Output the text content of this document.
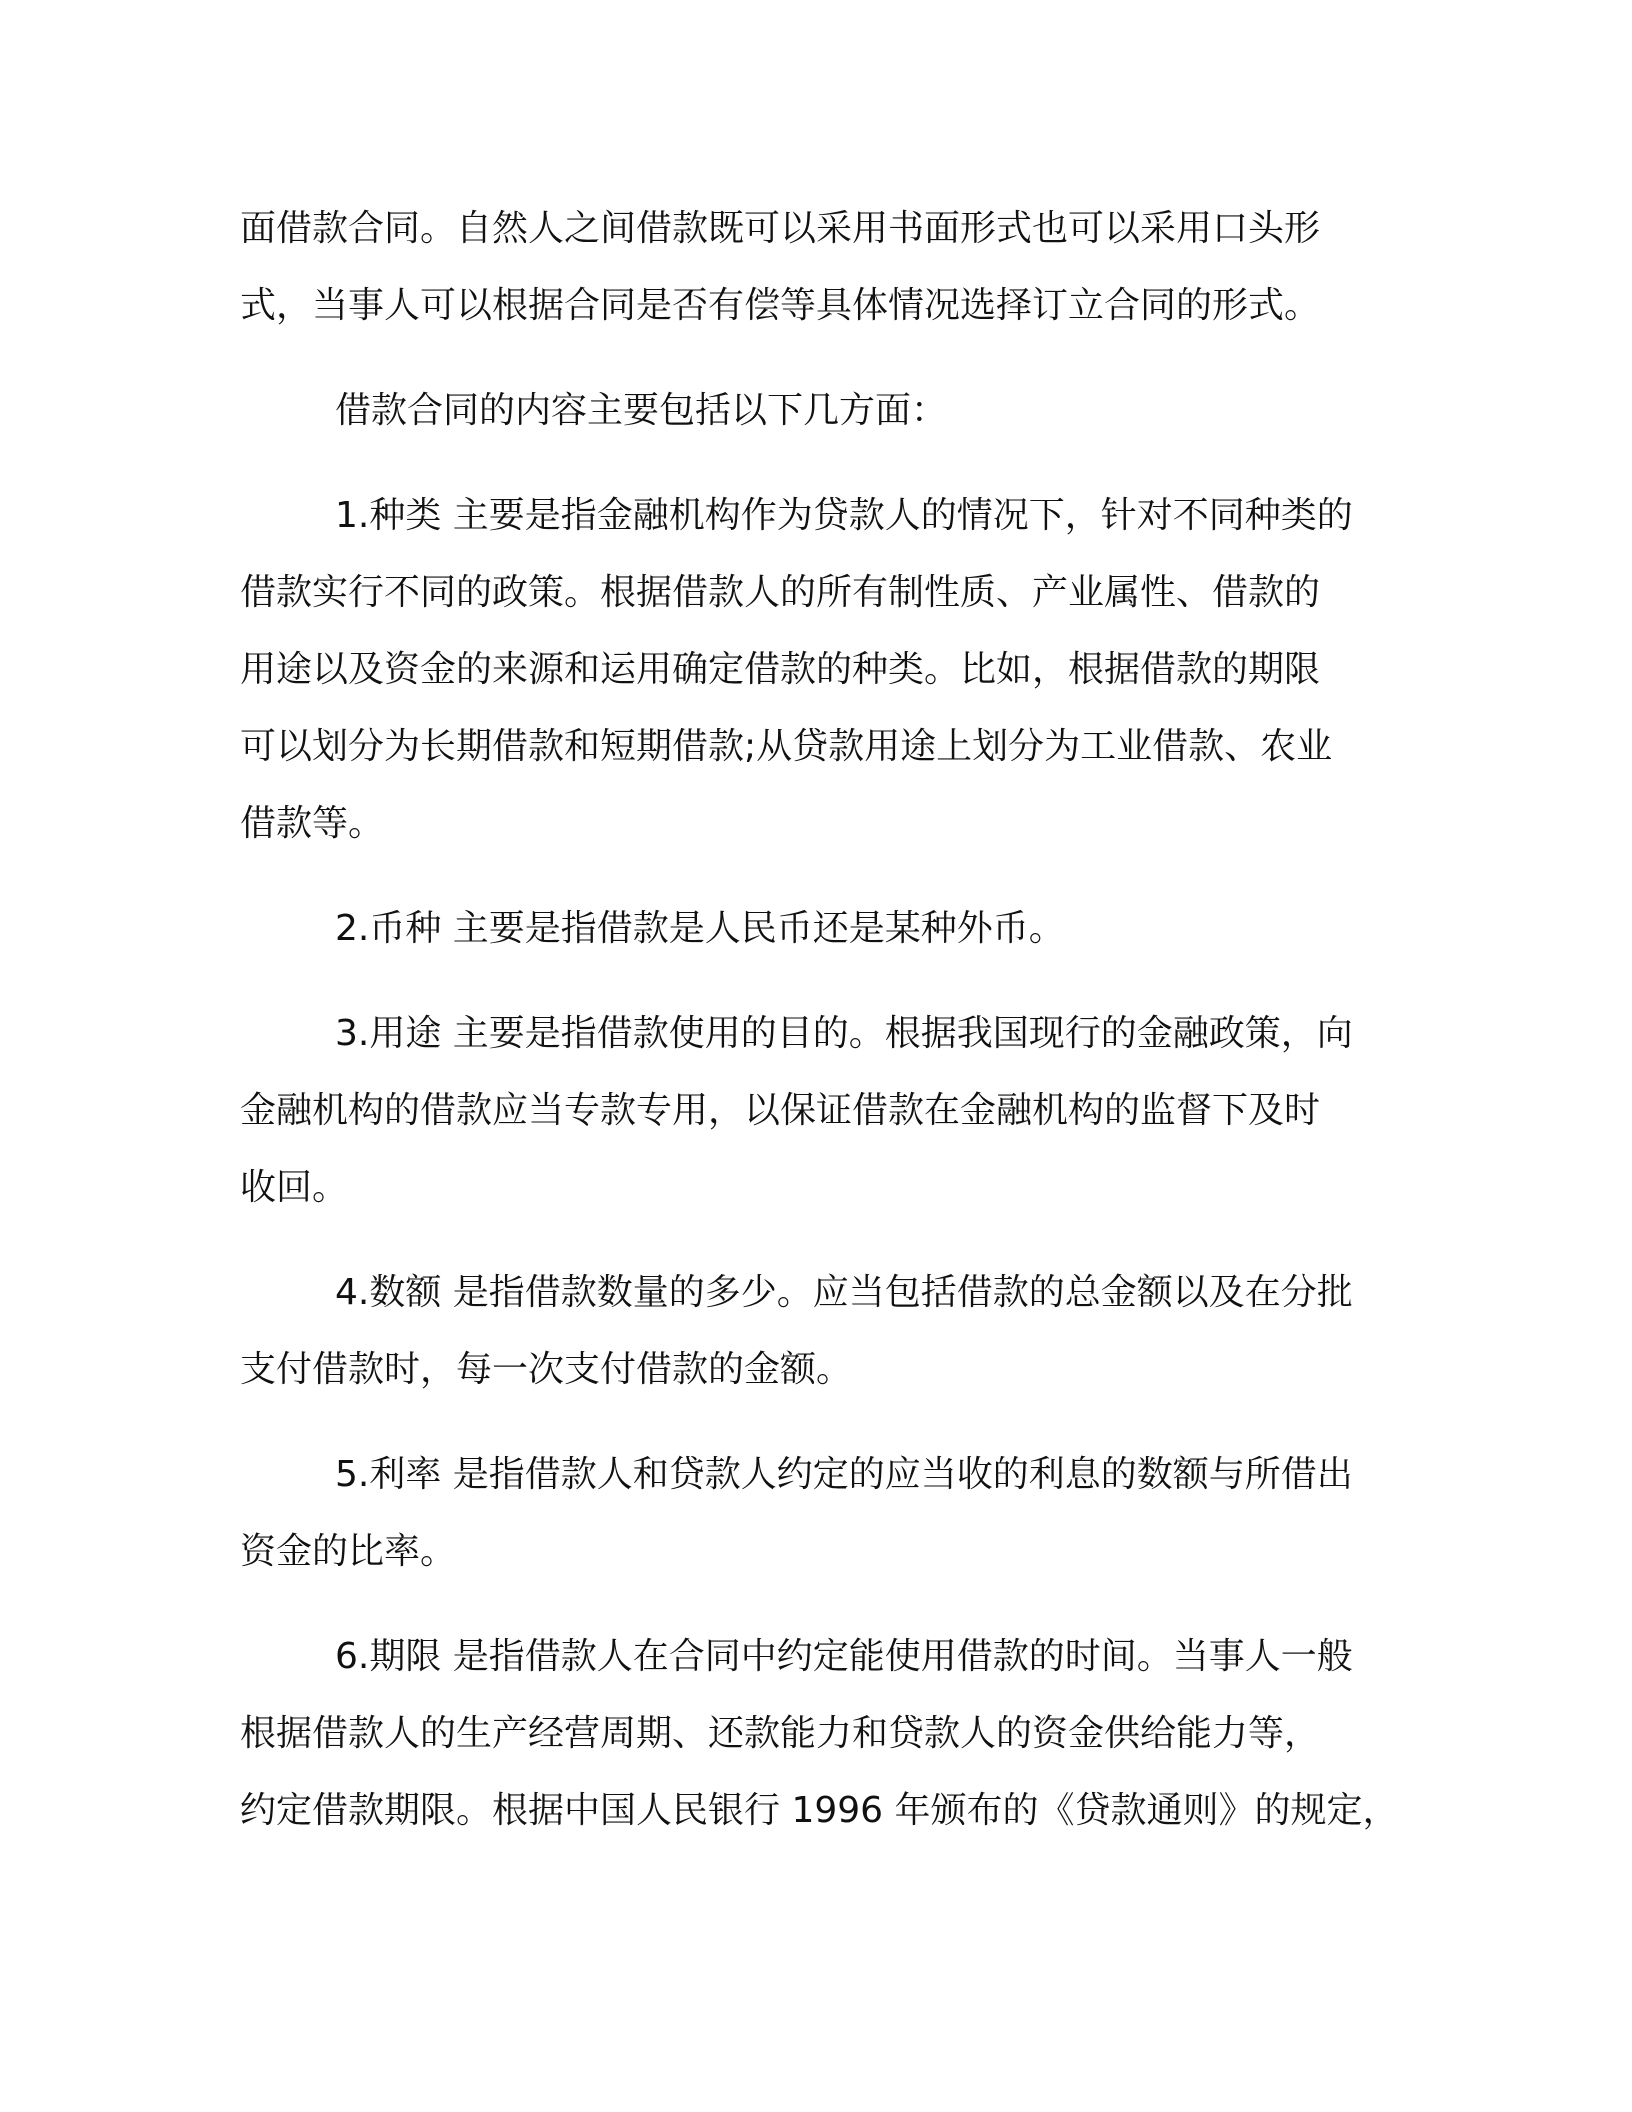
面借款合同。自然人之间借款既可以采用书面形式也可以采用口头形
式，当事人可以根据合同是否有偿等具体情况选择订立合同的形式。

借款合同的内容主要包括以下几方面：

1.种类 主要是指金融机构作为贷款人的情况下，针对不同种类的
借款实行不同的政策。根据借款人的所有制性质、产业属性、借款的
用途以及资金的来源和运用确定借款的种类。比如，根据借款的期限
可以划分为长期借款和短期借款;从贷款用途上划分为工业借款、农业
借款等。

2.币种 主要是指借款是人民币还是某种外币。

3.用途 主要是指借款使用的目的。根据我国现行的金融政策，向
金融机构的借款应当专款专用，以保证借款在金融机构的监督下及时
收回。

4.数额 是指借款数量的多少。应当包括借款的总金额以及在分批
支付借款时，每一次支付借款的金额。

5.利率 是指借款人和贷款人约定的应当收的利息的数额与所借出
资金的比率。

6.期限 是指借款人在合同中约定能使用借款的时间。当事人一般
根据借款人的生产经营周期、还款能力和贷款人的资金供给能力等，
约定借款期限。根据中国人民银行 1996 年颁布的《贷款通则》的规定，
